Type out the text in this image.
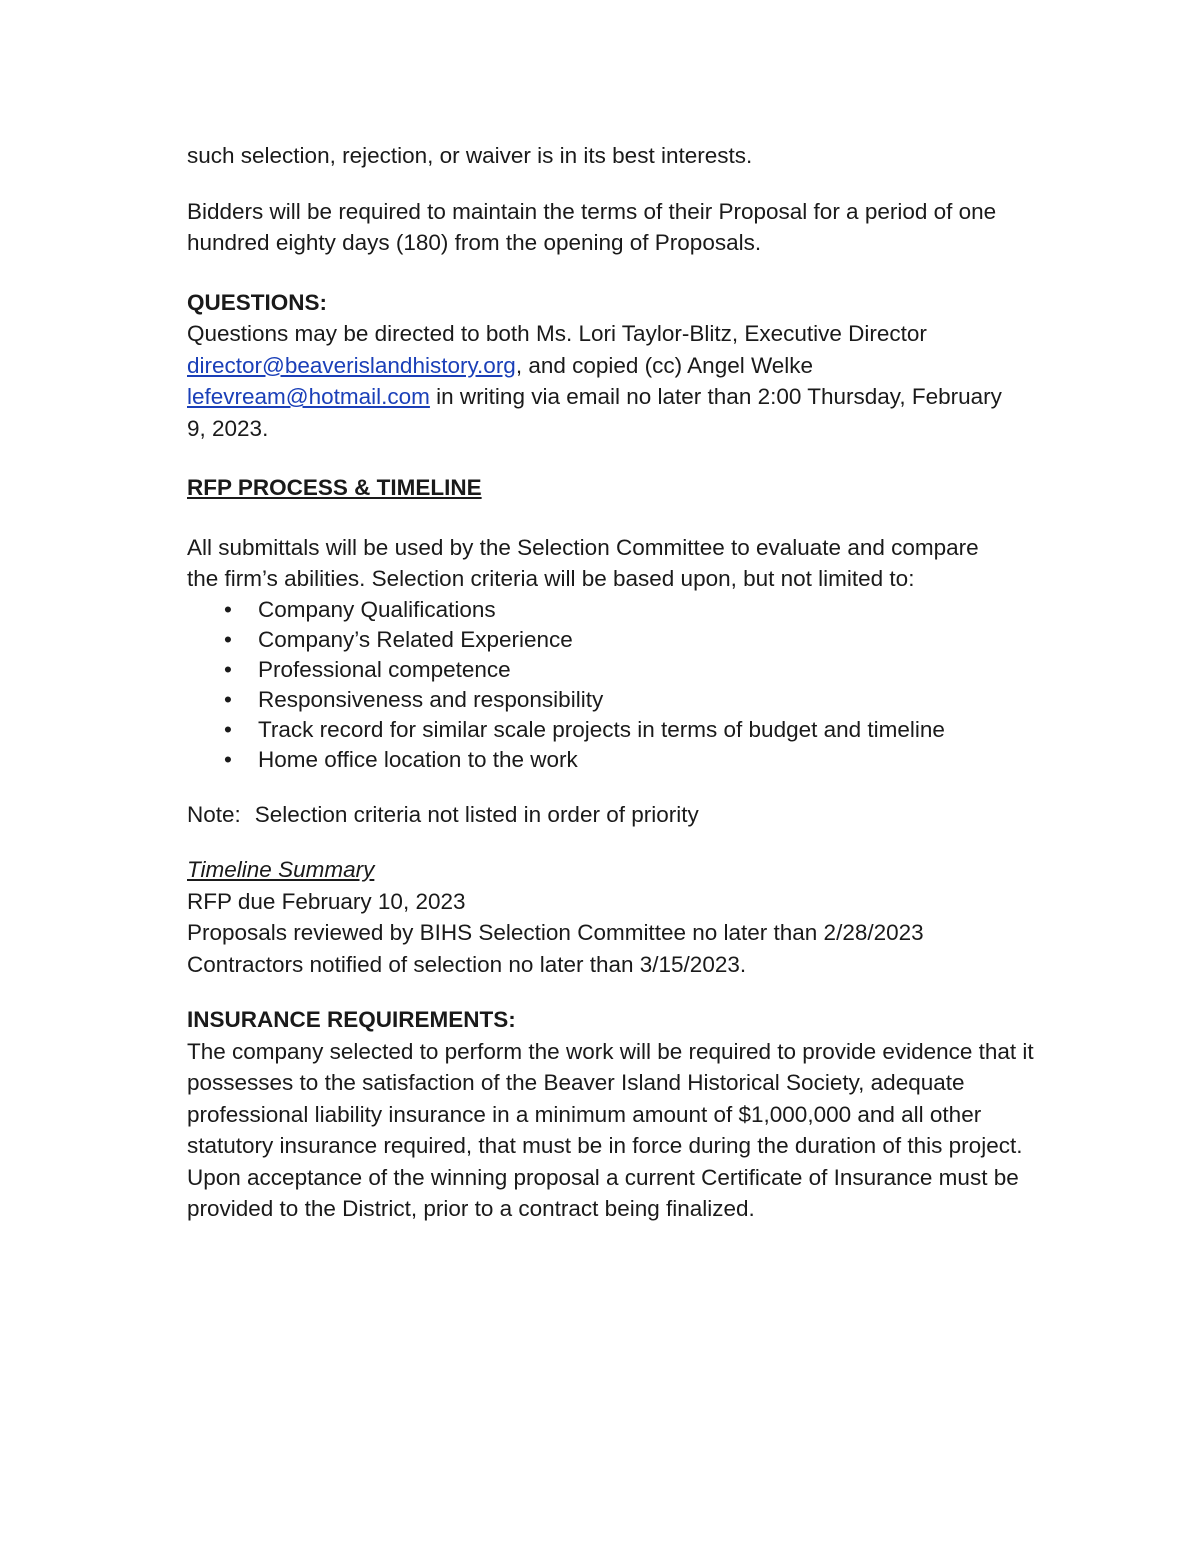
such selection, rejection, or waiver is in its best interests.

Bidders will be required to maintain the terms of their Proposal for a period of one hundred eighty days (180) from the opening of Proposals.

QUESTIONS:

Questions may be directed to both Ms. Lori Taylor-Blitz, Executive Director
director@beaverislandhistory.org, and copied (cc) Angel Welke
lefevream@hotmail.com in writing via email no later than 2:00 Thursday, February 9, 2023.

RFP PROCESS & TIMELINE

All submittals will be used by the Selection Committee to evaluate and compare the firm’s abilities. Selection criteria will be based upon, but not limited to:

• Company Qualifications
• Company’s Related Experience
• Professional competence
• Responsiveness and responsibility
• Track record for similar scale projects in terms of budget and timeline
• Home office location to the work

Note: Selection criteria not listed in order of priority

Timeline Summary

RFP due February 10, 2023

Proposals reviewed by BIHS Selection Committee no later than 2/28/2023

Contractors notified of selection no later than 3/15/2023.

INSURANCE REQUIREMENTS:

The company selected to perform the work will be required to provide evidence that it possesses to the satisfaction of the Beaver Island Historical Society, adequate professional liability insurance in a minimum amount of $1,000,000 and all other statutory insurance required, that must be in force during the duration of this project. Upon acceptance of the winning proposal a current Certificate of Insurance must be provided to the District, prior to a contract being finalized.
